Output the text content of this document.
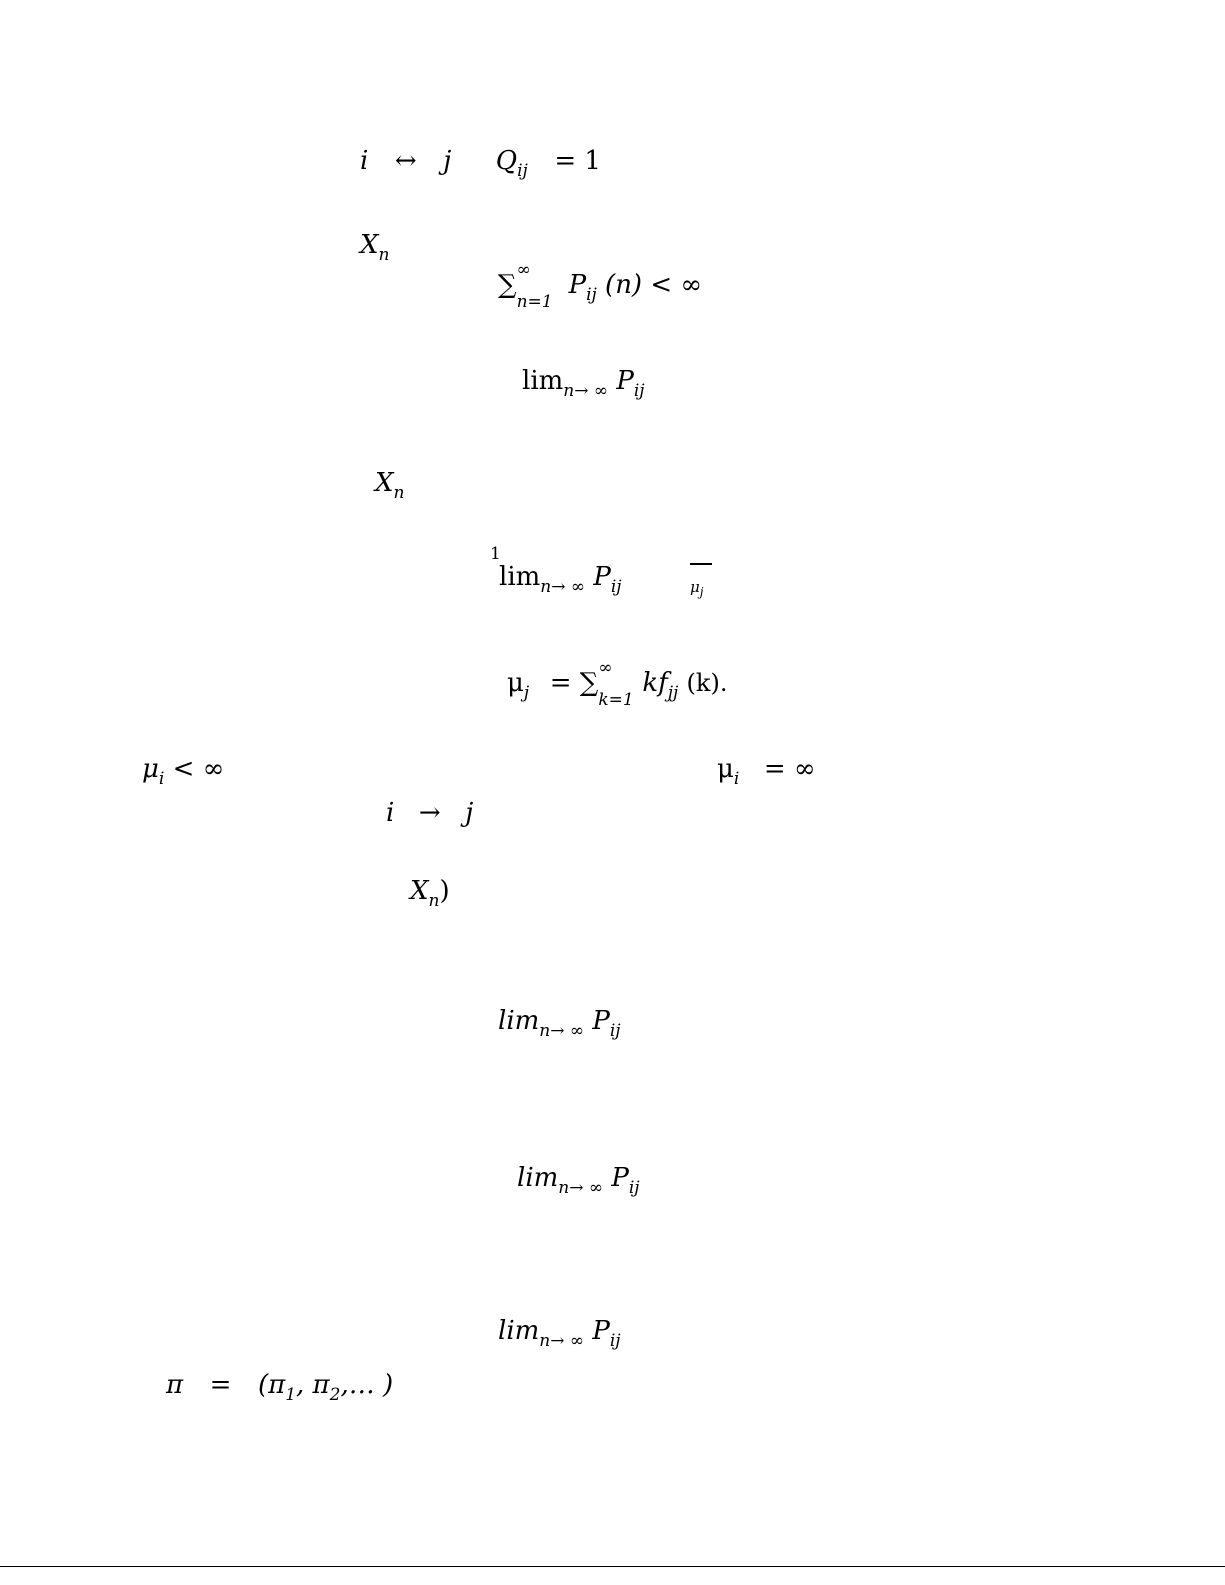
i ↔ j $Q_{ij} = 1$
$X_n$
∑ ∞
n=1
$P_{ij}$ (n) < ∞
$\lim_{n\to \infty} P_{ij}$
$X_n$
1
$\lim_{n\to \infty} P_{ij}$	$_{\mu j}$
$\mu_j$ = ∑ ∞
k=1
$kf_{jj}$ (k).
$\mu_i$ < ∞	$\mu_i$ = ∞
i → j
$X_n$)
$\lim_{n\to \infty} P_{ij}$
$\lim_{n\to \infty} P_{ij}$
$\lim_{n\to \infty} P_{ij}$
$\pi = (\pi_1$, $\pi_2,\dots$ )
